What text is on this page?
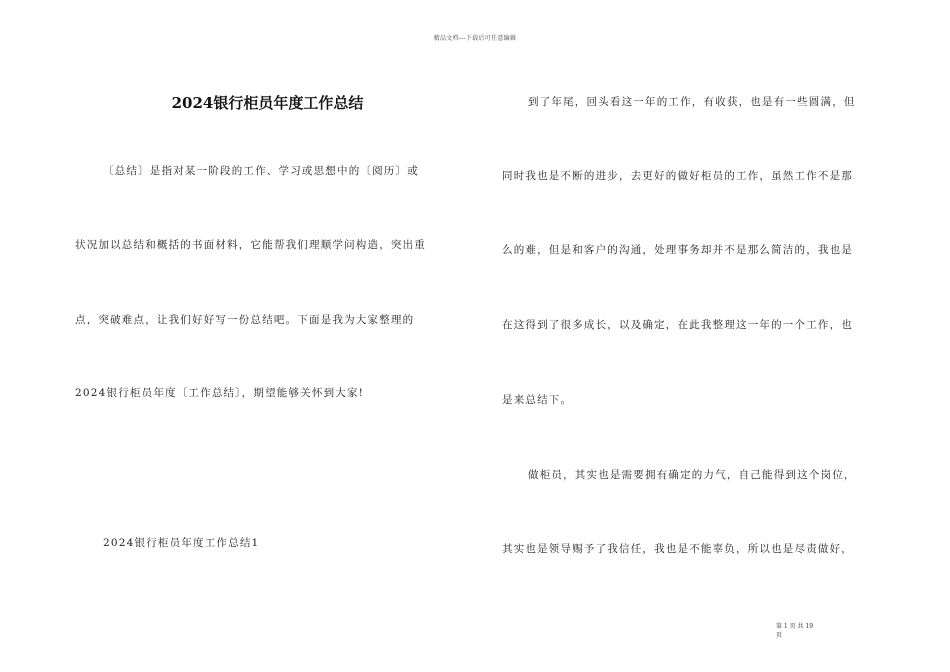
精品文档---下载后可任意编辑
2024银行柜员年度工作总结
〔总结〕是指对某一阶段的工作、学习或思想中的〔阅历〕或
状况加以总结和概括的书面材料，它能帮我们理顺学问构造，突出重
点，突破难点，让我们好好写一份总结吧。下面是我为大家整理的
2024银行柜员年度〔工作总结〕，期望能够关怀到大家!
2024银行柜员年度工作总结1
到了年尾，回头看这一年的工作，有收获，也是有一些圆满，但
同时我也是不断的进步，去更好的做好柜员的工作，虽然工作不是那
么的难，但是和客户的沟通，处理事务却并不是那么简洁的，我也是
在这得到了很多成长，以及确定，在此我整理这一年的一个工作，也
是来总结下。
做柜员，其实也是需要拥有确定的力气，自己能得到这个岗位，
其实也是领导赐予了我信任，我也是不能辜负，所以也是尽责做好，
第 1 页 共 19
页
